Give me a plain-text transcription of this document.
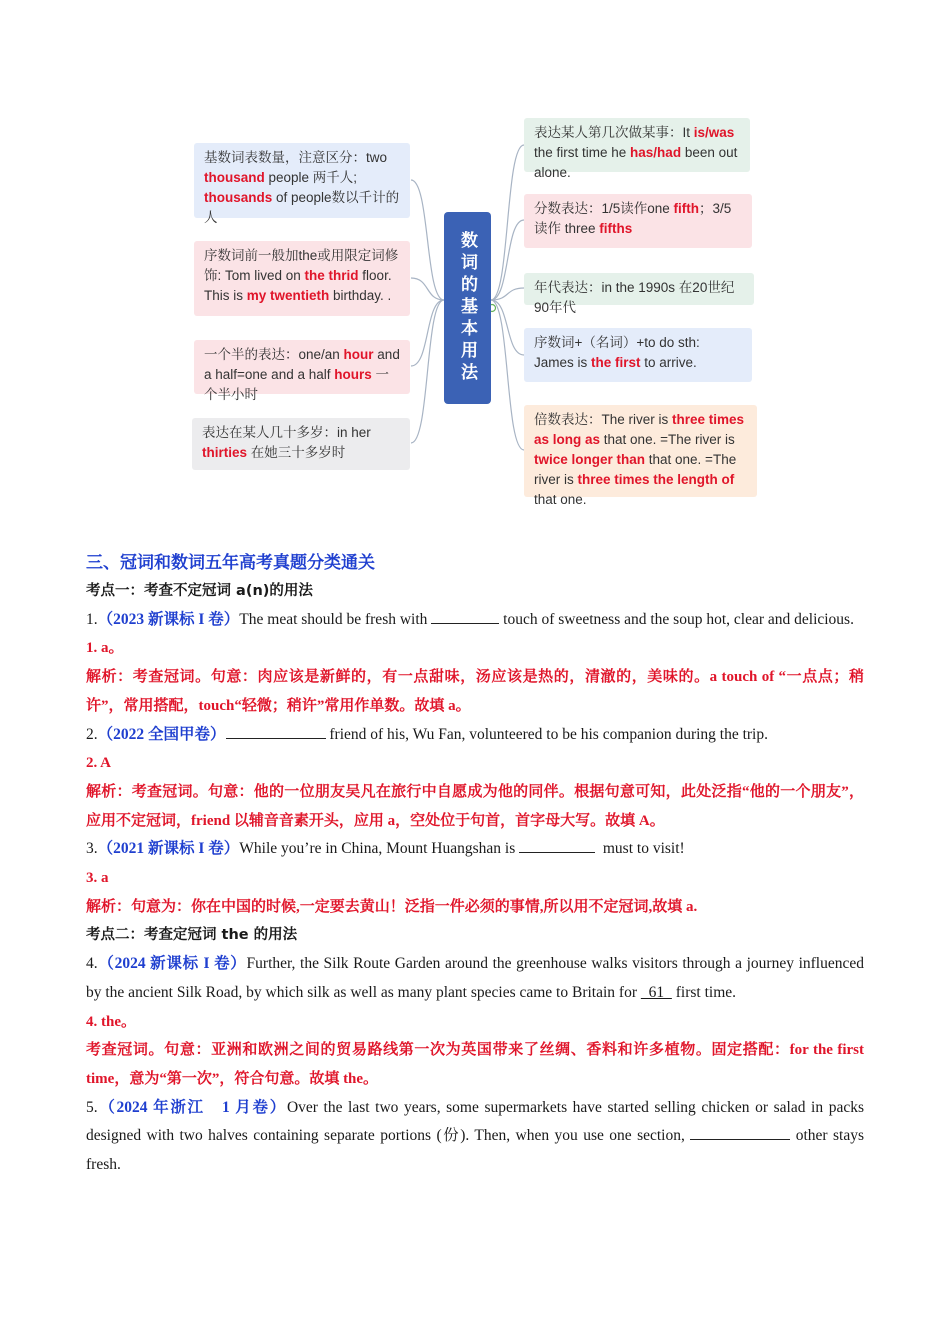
基数词表数量，注意区分：two thousand people 两千人; thousands of people数以千计的人
序数词前一般加the或用限定词修饰: Tom lived on the thrid floor. This is my twentieth birthday. .
一个半的表达：one/an hour and a half=one and a half hours 一个半小时
表达在某人几十多岁：in her thirties 在她三十多岁时
数词的基本用法
表达某人第几次做某事：It is/was the first time he has/had been out alone.
分数表达：1/5读作one fifth；3/5 读作 three fifths
年代表达：in the 1990s 在20世纪90年代
序数词+（名词）+to do sth: James is the first to arrive.
倍数表达：The river is three times as long as that one. =The river is twice longer than that one. =The river is three times the length of that one.

三、冠词和数词五年高考真题分类通关

考点一：考查不定冠词 a(n)的用法

1.（2023 新课标 I 卷）The meat should be fresh with	touch of sweetness and the soup hot, clear and delicious.

1. a。

解析：考查冠词。句意：肉应该是新鲜的，有一点甜味，汤应该是热的，清澈的，美味的。a touch of “一点点；稍许”，常用搭配，touch“轻微；稍许”常用作单数。故填 a。

2.（2022 全国甲卷）	friend of his, Wu Fan, volunteered to be his companion during the trip.

2. A

解析：考查冠词。句意：他的一位朋友吴凡在旅行中自愿成为他的同伴。根据句意可知，此处泛指“他的一个朋友”，应用不定冠词，friend 以辅音音素开头，应用 a，空处位于句首，首字母大写。故填 A。

3.（2021 新课标 I 卷）While you’re in China, Mount Huangshan is	must to visit!

3. a

解析：句意为：你在中国的时候,一定要去黄山！泛指一件必须的事情,所以用不定冠词,故填 a.

考点二：考查定冠词 the 的用法

4.（2024 新课标 I 卷）Further, the Silk Route Garden around the greenhouse walks visitors through a journey influenced by the ancient Silk Road, by which silk as well as many plant species came to Britain for   61   first time.

4. the。

考查冠词。句意：亚洲和欧洲之间的贸易路线第一次为英国带来了丝绸、香料和许多植物。固定搭配：for the first time，意为“第一次”，符合句意。故填 the。

5.（2024 年浙江　1 月卷）Over the last two years, some supermarkets have started selling chicken or salad in packs designed with two halves containing separate portions (份). Then, when you use one section,	other stays fresh.
